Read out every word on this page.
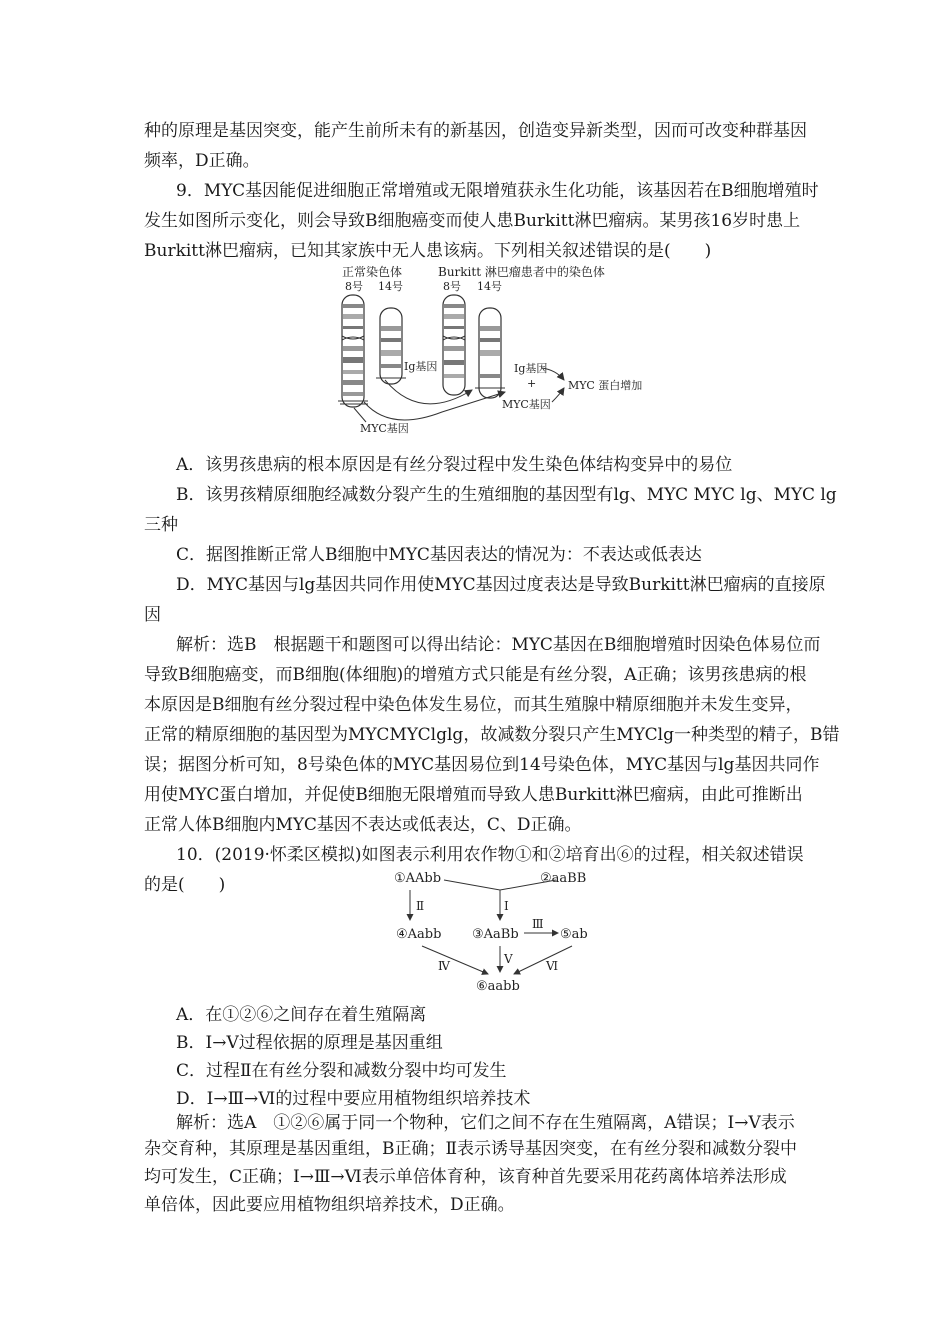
种的原理是基因突变，能产生前所未有的新基因，创造变异新类型，因而可改变种群基因
频率，D正确。
9．MYC基因能促进细胞正常增殖或无限增殖获永生化功能，该基因若在B细胞增殖时
发生如图所示变化，则会导致B细胞癌变而使人患Burkitt淋巴瘤病。某男孩16岁时患上
Burkitt淋巴瘤病，已知其家族中无人患该病。下列相关叙述错误的是(　　)
正常染色体	Burkitt 淋巴瘤患者中的染色体
8号 14号	8号 14号
Ig基因	Ig基因
+
MYC基因
MYC 蛋白增加
MYC基因
A．该男孩患病的根本原因是有丝分裂过程中发生染色体结构变异中的易位
B．该男孩精原细胞经减数分裂产生的生殖细胞的基因型有lg、MYC MYC lg、MYC lg
三种
C．据图推断正常人B细胞中MYC基因表达的情况为：不表达或低表达
D．MYC基因与lg基因共同作用使MYC基因过度表达是导致Burkitt淋巴瘤病的直接原
因
解析：选B　根据题干和题图可以得出结论：MYC基因在B细胞增殖时因染色体易位而
导致B细胞癌变，而B细胞(体细胞)的增殖方式只能是有丝分裂，A正确；该男孩患病的根
本原因是B细胞有丝分裂过程中染色体发生易位，而其生殖腺中精原细胞并未发生变异，
正常的精原细胞的基因型为MYCMYClglg，故减数分裂只产生MYClg一种类型的精子，B错
误；据图分析可知，8号染色体的MYC基因易位到14号染色体，MYC基因与lg基因共同作
用使MYC蛋白增加，并促使B细胞无限增殖而导致人患Burkitt淋巴瘤病，由此可推断出
正常人体B细胞内MYC基因不表达或低表达，C、D正确。
10．(2019·怀柔区模拟)如图表示利用农作物①和②培育出⑥的过程，相关叙述错误
的是(　　)	①AAbb	②aaBB
Ⅰ
Ⅱ
④Aabb ③AaBb
Ⅲ
⑤ab
Ⅳ	Ⅴ	Ⅵ
⑥aabb
A．在①②⑥之间存在着生殖隔离
B．Ⅰ→Ⅴ过程依据的原理是基因重组
C．过程Ⅱ在有丝分裂和减数分裂中均可发生
D．Ⅰ→Ⅲ→Ⅵ的过程中要应用植物组织培养技术
解析：选A　①②⑥属于同一个物种，它们之间不存在生殖隔离，A错误；Ⅰ→Ⅴ表示
杂交育种，其原理是基因重组，B正确；Ⅱ表示诱导基因突变，在有丝分裂和减数分裂中
均可发生，C正确；Ⅰ→Ⅲ→Ⅵ表示单倍体育种，该育种首先要采用花药离体培养法形成
单倍体，因此要应用植物组织培养技术，D正确。
